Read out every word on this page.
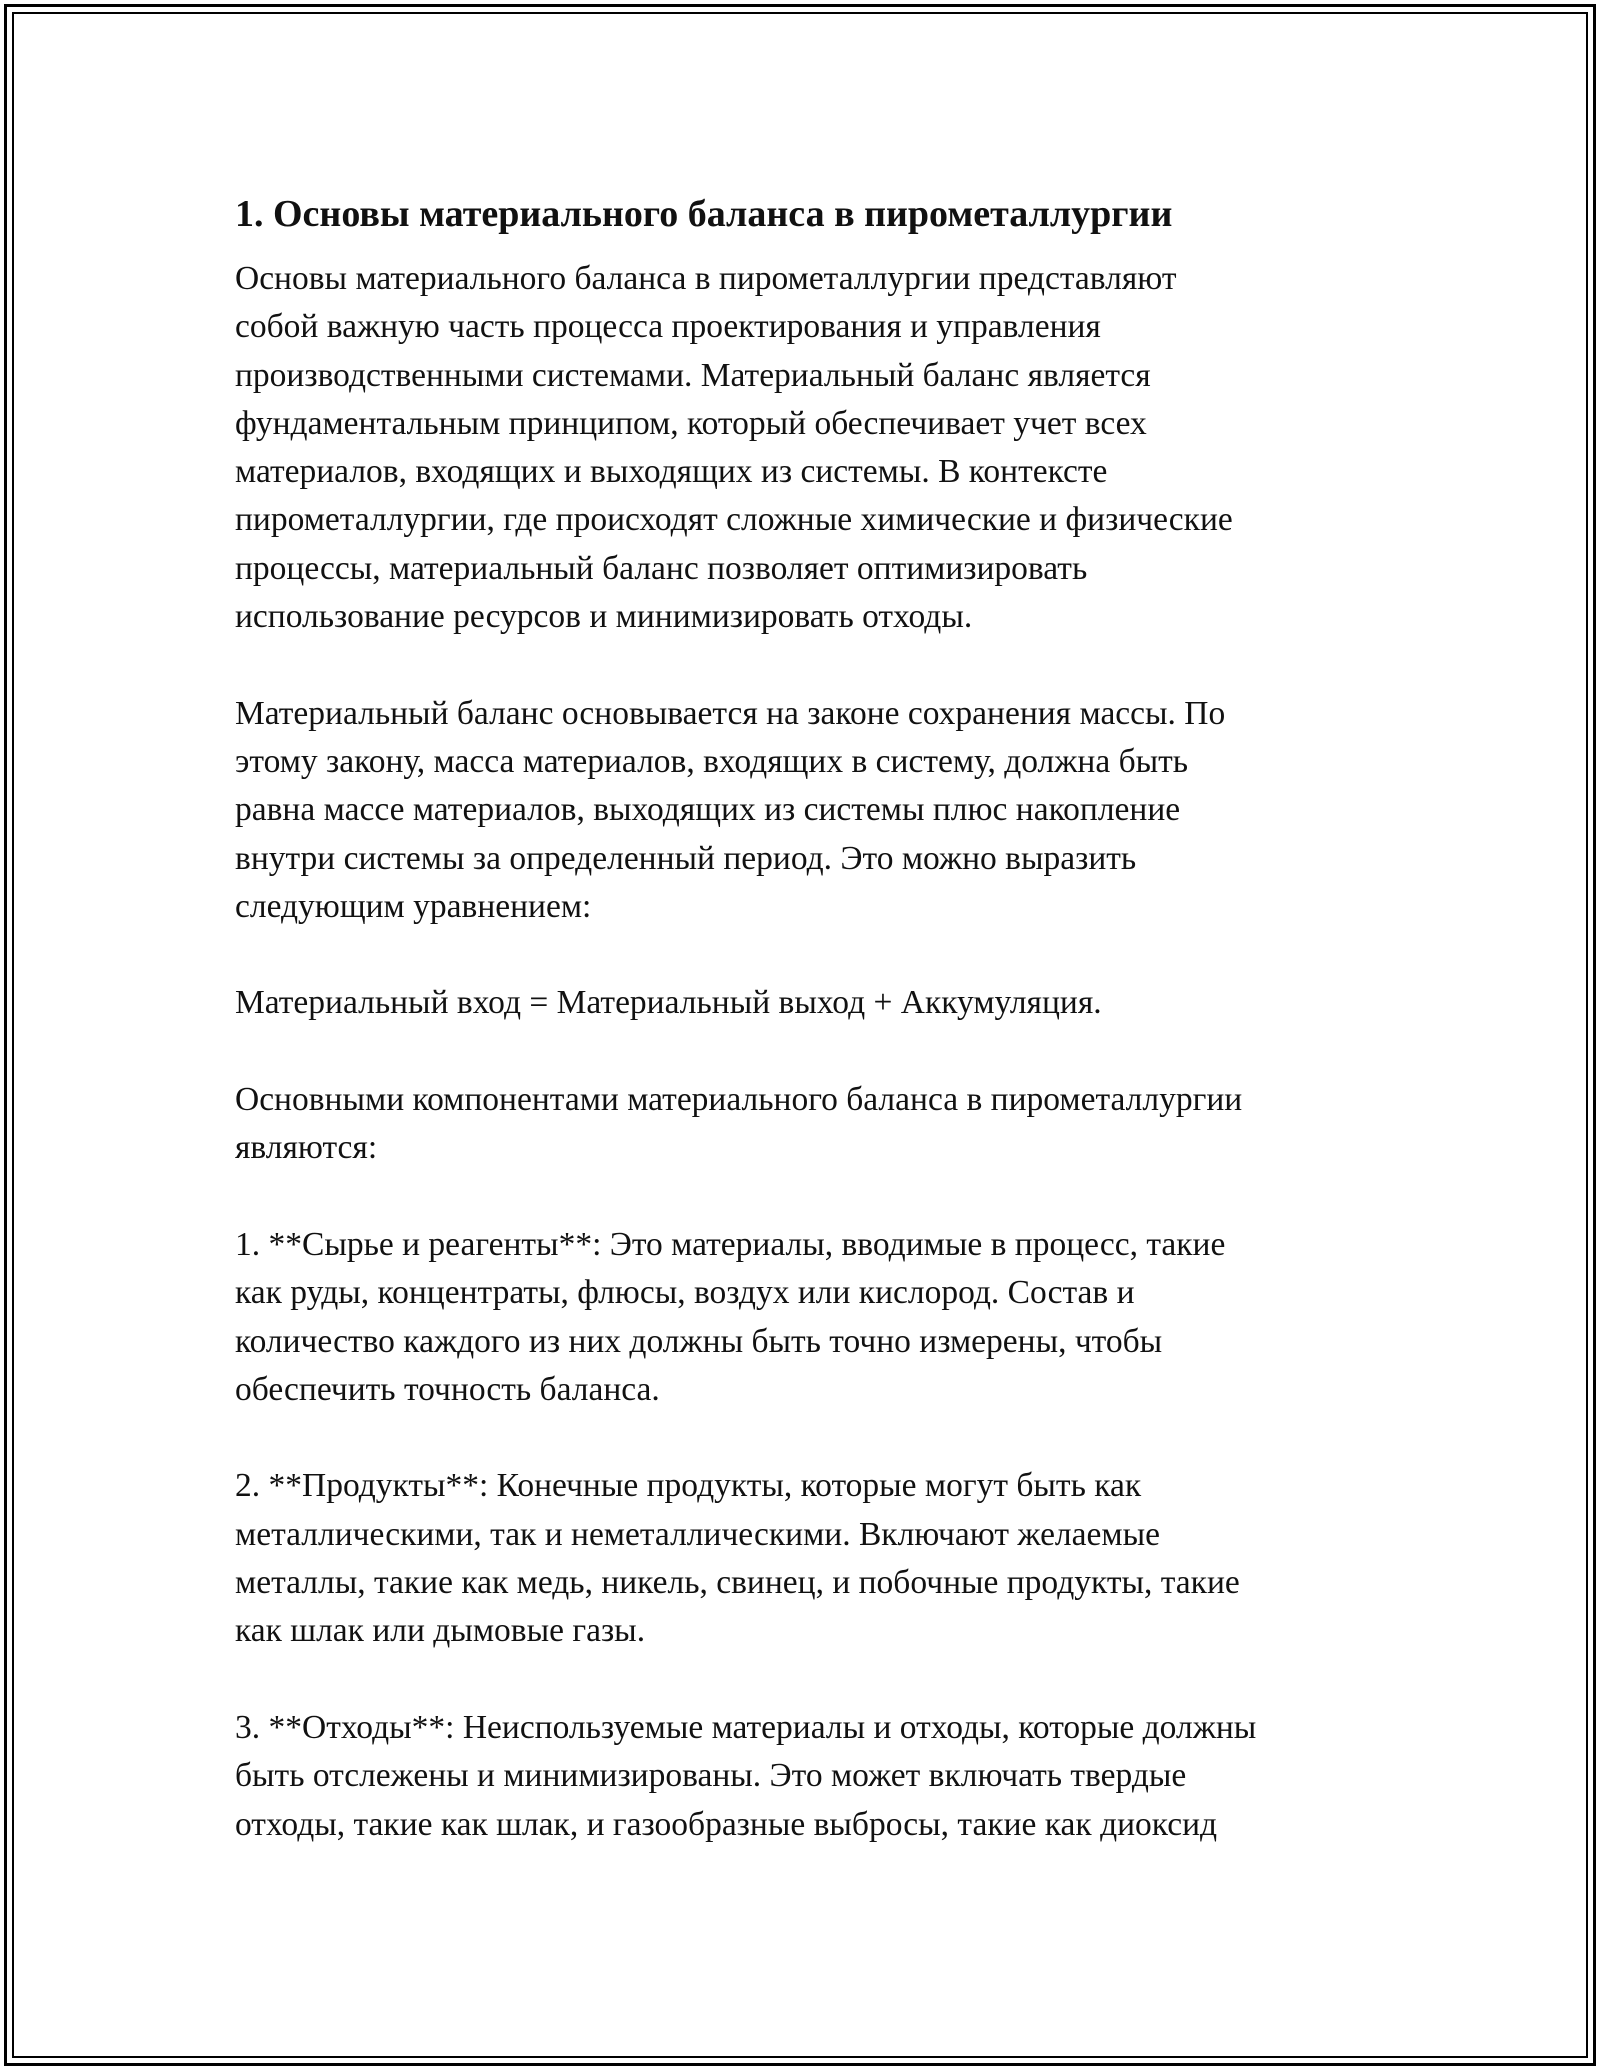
1. Основы материального баланса в пирометаллургии
Основы материального баланса в пирометаллургии представляют
собой важную часть процесса проектирования и управления
производственными системами. Материальный баланс является
фундаментальным принципом, который обеспечивает учет всех
материалов, входящих и выходящих из системы. В контексте
пирометаллургии, где происходят сложные химические и физические
процессы, материальный баланс позволяет оптимизировать
использование ресурсов и минимизировать отходы.
Материальный баланс основывается на законе сохранения массы. По
этому закону, масса материалов, входящих в систему, должна быть
равна массе материалов, выходящих из системы плюс накопление
внутри системы за определенный период. Это можно выразить
следующим уравнением:
Материальный вход = Материальный выход + Аккумуляция.
Основными компонентами материального баланса в пирометаллургии
являются:
1. **Сырье и реагенты**: Это материалы, вводимые в процесс, такие
как руды, концентраты, флюсы, воздух или кислород. Состав и
количество каждого из них должны быть точно измерены, чтобы
обеспечить точность баланса.
2. **Продукты**: Конечные продукты, которые могут быть как
металлическими, так и неметаллическими. Включают желаемые
металлы, такие как медь, никель, свинец, и побочные продукты, такие
как шлак или дымовые газы.
3. **Отходы**: Неиспользуемые материалы и отходы, которые должны
быть отслежены и минимизированы. Это может включать твердые
отходы, такие как шлак, и газообразные выбросы, такие как диоксид
